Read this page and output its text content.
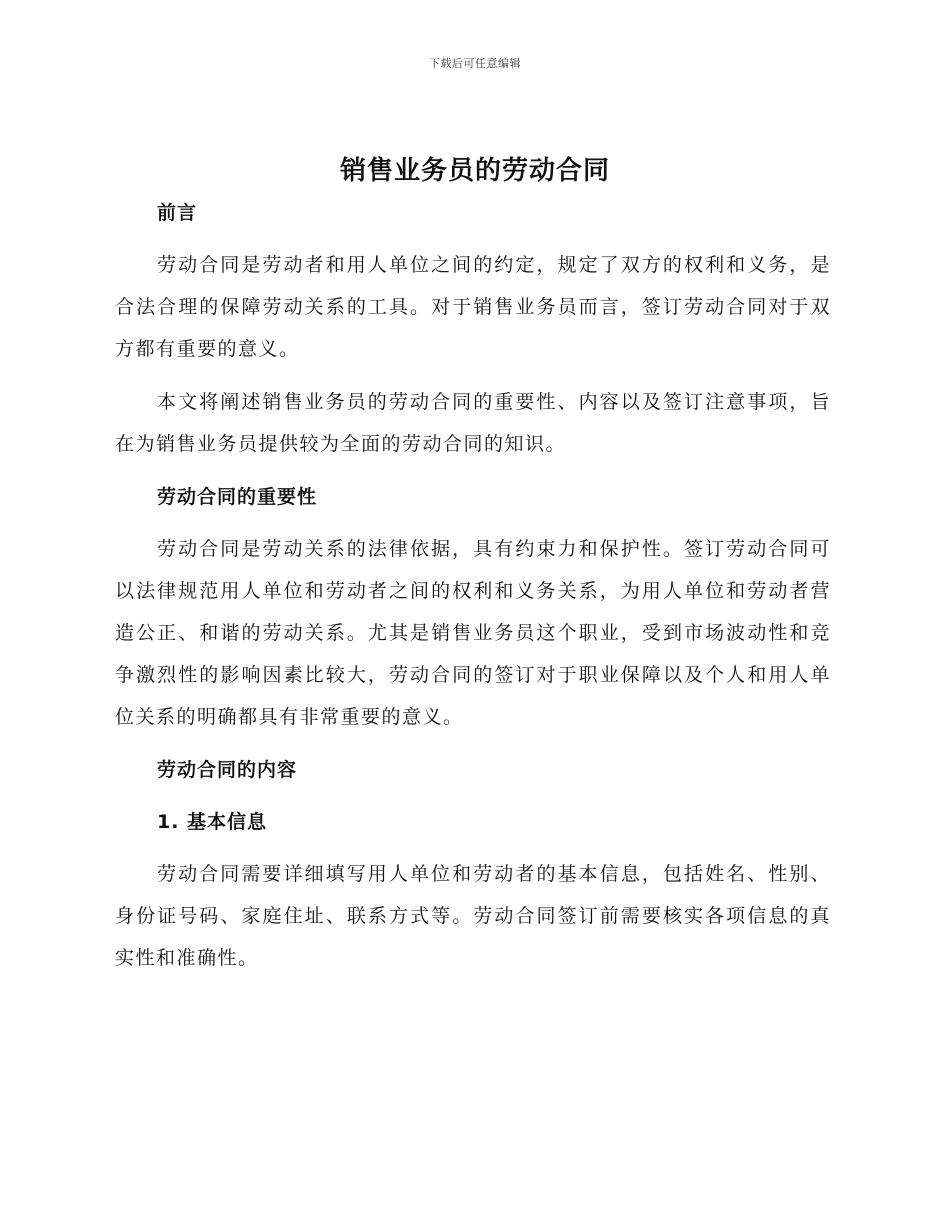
下载后可任意编辑
销售业务员的劳动合同

前言

劳动合同是劳动者和用人单位之间的约定，规定了双方的权利和义务，是合法合理的保障劳动关系的工具。对于销售业务员而言，签订劳动合同对于双方都有重要的意义。

本文将阐述销售业务员的劳动合同的重要性、内容以及签订注意事项，旨在为销售业务员提供较为全面的劳动合同的知识。

劳动合同的重要性

劳动合同是劳动关系的法律依据，具有约束力和保护性。签订劳动合同可以法律规范用人单位和劳动者之间的权利和义务关系，为用人单位和劳动者营造公正、和谐的劳动关系。尤其是销售业务员这个职业，受到市场波动性和竞争激烈性的影响因素比较大，劳动合同的签订对于职业保障以及个人和用人单位关系的明确都具有非常重要的意义。

劳动合同的内容

1. 基本信息

劳动合同需要详细填写用人单位和劳动者的基本信息，包括姓名、性别、身份证号码、家庭住址、联系方式等。劳动合同签订前需要核实各项信息的真实性和准确性。
